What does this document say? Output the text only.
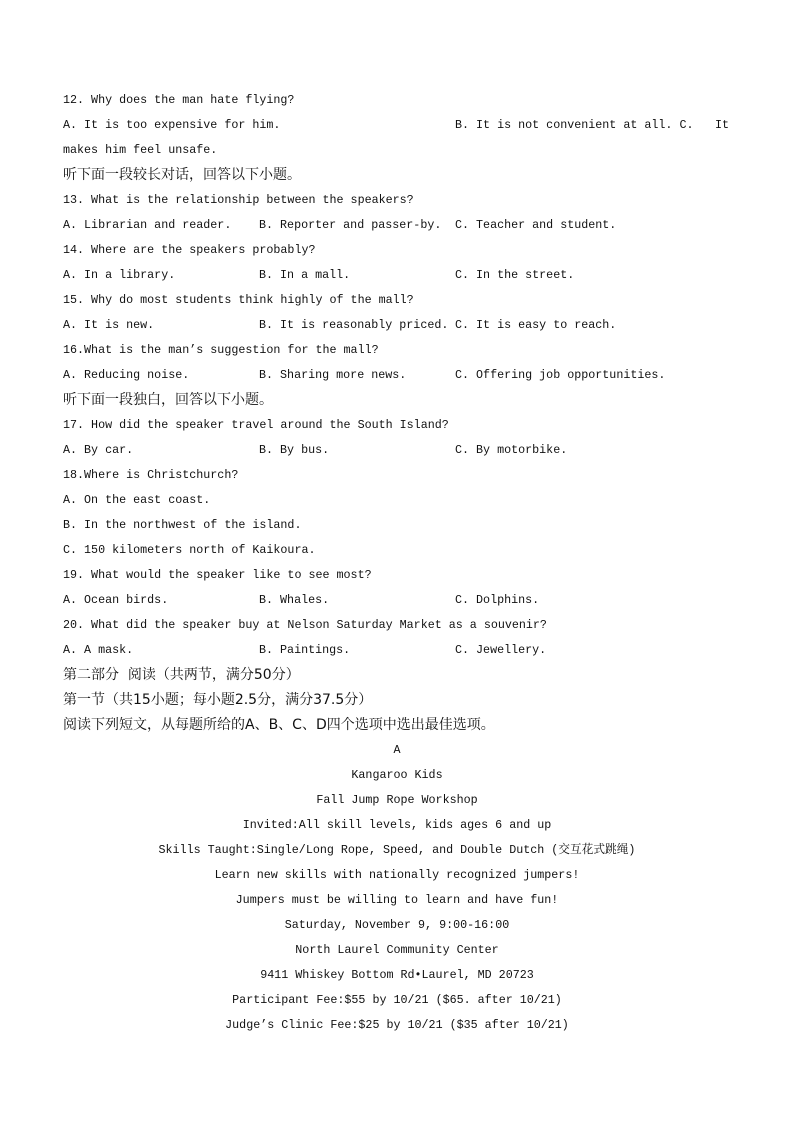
12. Why does the man hate flying?

A. It is too expensive for him.

	B. It is not convenient at all. C. It

makes him feel unsafe.
听下面一段较长对话，回答以下小题。
13. What is the relationship between the speakers?

A. Librarian and reader.

B. Reporter and passer-by.

C. Teacher and student.

14. Where are the speakers probably?

A. In a library.

	B. In a mall.

	C. In the street.

15. Why do most students think highly of the mall?

A. It is new.

	B. It is reasonably priced.

C. It is easy to reach.

16.What is the man’s suggestion for the mall?

A. Reducing noise.

	B. Sharing more news.

	C. Offering job opportunities.

听下面一段独白，回答以下小题。
17. How did the speaker travel around the South Island?

A. By car.

	B. By bus.

	C. By motorbike.

18.Where is Christchurch?
A. On the east coast.
B. In the northwest of the island.
C. 150 kilometers north of Kaikoura.
19. What would the speaker like to see most?

A. Ocean birds.

	B. Whales.

	C. Dolphins.

20. What did the speaker buy at Nelson Saturday Market as a souvenir?

A. A mask.

	B. Paintings.

	C. Jewellery.

第二部分  阅读（共两节，满分50分）
第一节（共15小题；每小题2.5分，满分37.5分）
阅读下列短文，从每题所给的A、B、C、D四个选项中选出最佳选项。
A
Kangaroo Kids
Fall Jump Rope Workshop
Invited:All skill levels, kids ages 6 and up
Skills Taught:Single/Long Rope, Speed, and Double Dutch (交互花式跳绳)
Learn new skills with nationally recognized jumpers!
Jumpers must be willing to learn and have fun!
Saturday, November 9, 9:00-16:00
North Laurel Community Center
9411 Whiskey Bottom Rd•Laurel, MD 20723
Participant Fee:$55 by 10/21 ($65. after 10/21)
Judge’s Clinic Fee:$25 by 10/21 ($35 after 10/21)
